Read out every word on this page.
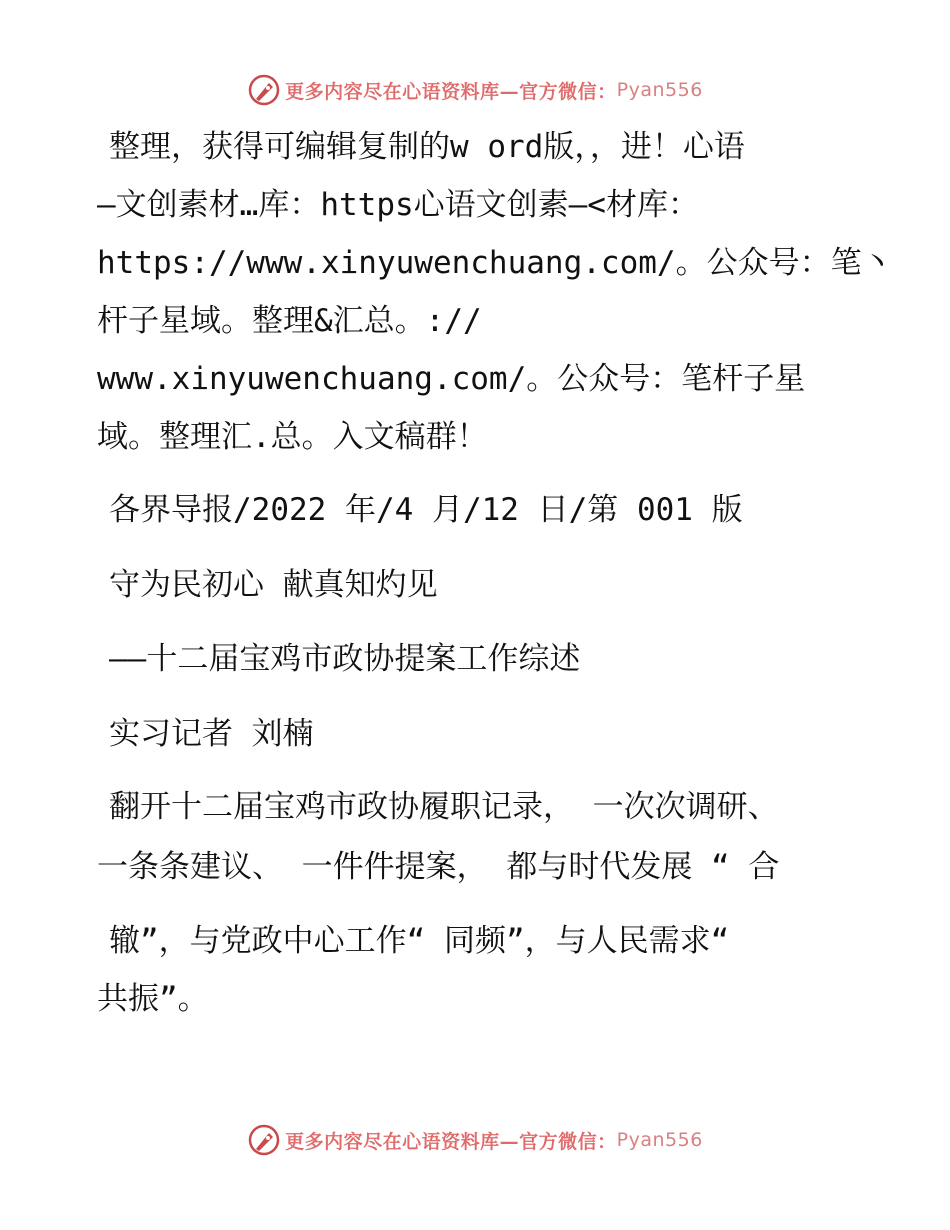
更多内容尽在心语资料库—官方微信： Pyan556
整理，获得可编辑复制的w ord版，，进！心语
—文创素材…库：https心语文创素—<材库：
https://www.xinyuwenchuang.com/。公众号：笔丶
杆子星域。整理&汇总。://
www.xinyuwenchuang.com/。公众号：笔杆子星
域。整理汇.总。入文稿群！
各界导报/2022 年/4 月/12 日/第 001 版
守为民初心 献真知灼见
——十二届宝鸡市政协提案工作综述
实习记者 刘楠
翻开十二届宝鸡市政协履职记录， 一次次调研、
一条条建议、 一件件提案， 都与时代发展 “ 合
辙”，与党政中心工作“ 同频”，与人民需求“
共振”。
更多内容尽在心语资料库—官方微信： Pyan556
